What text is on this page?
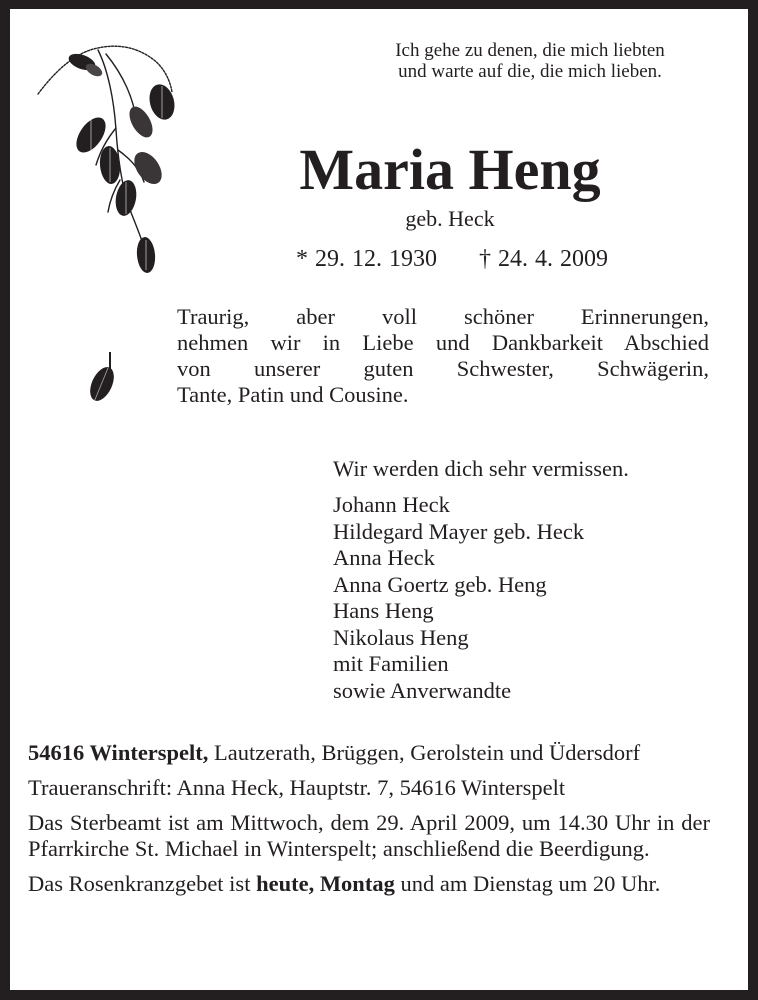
Ich gehe zu denen, die mich liebten
und warte auf die, die mich lieben.
Maria Heng
geb. Heck
* 29. 12. 1930 † 24. 4. 2009

Traurig, aber voll schöner Erinnerungen,

nehmen wir in Liebe und Dankbarkeit Abschied

von unserer guten Schwester, Schwägerin,

Tante, Patin und Cousine.

Wir werden dich sehr vermissen.
Johann Heck
Hildegard Mayer geb. Heck
Anna Heck
Anna Goertz geb. Heng
Hans Heng
Nikolaus Heng
mit Familien
sowie Anverwandte

54616 Winterspelt, Lautzerath, Brüggen, Gerolstein und Üdersdorf

Traueranschrift: Anna Heck, Hauptstr. 7, 54616 Winterspelt

Das Sterbeamt ist am Mittwoch, dem 29. April 2009, um 14.30 Uhr in der Pfarrkirche St. Michael in Winterspelt; anschließend die Beerdigung.

Das Rosenkranzgebet ist heute, Montag und am Dienstag um 20 Uhr.
